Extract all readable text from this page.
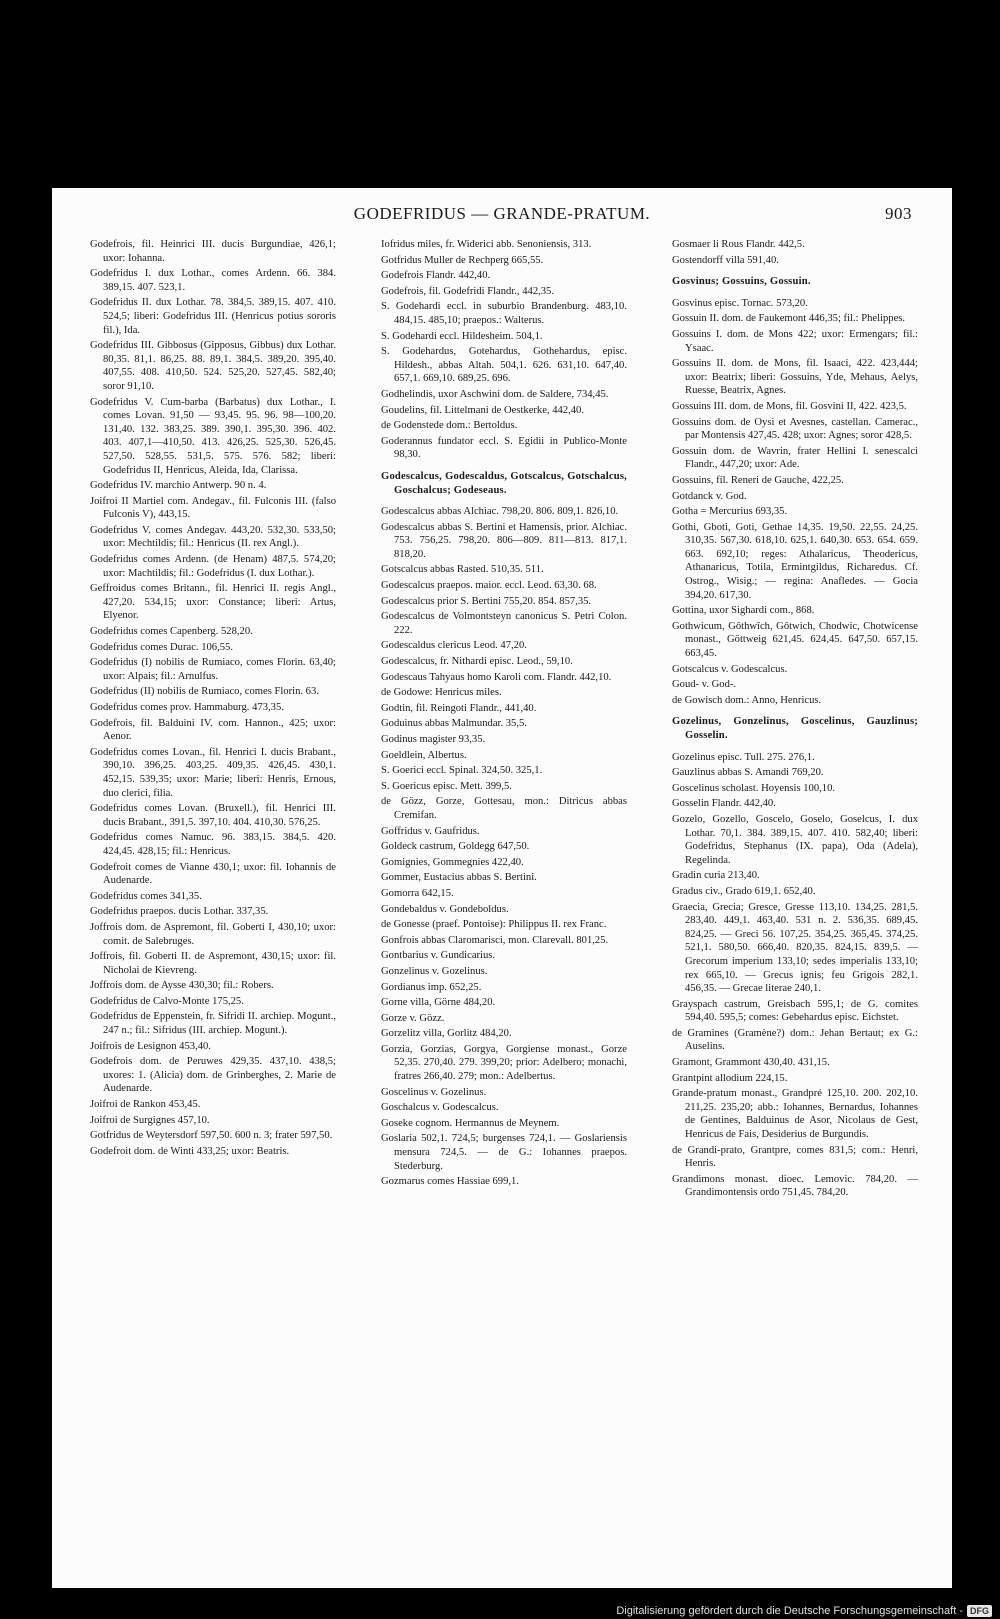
GODEFRIDUS — GRANDE-PRATUM.	903

Godefrois, fil. Heinrici III. ducis Burgundiae, 426,1; uxor: Iohanna.

Godefridus I. dux Lothar., comes Ardenn. 66. 384. 389,15. 407. 523,1.

Godefridus II. dux Lothar. 78. 384,5. 389,15. 407. 410. 524,5; liberi: Godefridus III. (Henricus potius sororis fil.), Ida.

Godefridus III. Gibbosus (Gipposus, Gibbus) dux Lothar. 80,35. 81,1. 86,25. 88. 89,1. 384,5. 389,20. 395,40. 407,55. 408. 410,50. 524. 525,20. 527,45. 582,40; soror 91,10.

Godefridus V. Cum-barba (Barbatus) dux Lothar., I. comes Lovan. 91,50 — 93,45. 95. 96. 98—100,20. 131,40. 132. 383,25. 389. 390,1. 395,30. 396. 402. 403. 407,1—410,50. 413. 426,25. 525,30. 526,45. 527,50. 528,55. 531,5. 575. 576. 582; liberi: Godefridus II, Henricus, Aleida, Ida, Clarissa.

Godefridus IV. marchio Antwerp. 90 n. 4.

Joifroi II Martiel com. Andegav., fil. Fulconis III. (falso Fulconis V), 443,15.

Godefridus V. comes Andegav. 443,20. 532,30. 533,50; uxor: Mechtildis; fil.: Henricus (II. rex Angl.).

Godefridus comes Ardenn. (de Henam) 487,5. 574,20; uxor: Machtildis; fil.: Godefridus (I. dux Lothar.).

Geffroidus comes Britann., fil. Henrici II. regis Angl., 427,20. 534,15; uxor: Constance; liberi: Artus, Elyenor.

Godefridus comes Capenberg. 528,20.

Godefridus comes Durac. 106,55.

Godefridus (I) nobilis de Rumiaco, comes Florin. 63,40; uxor: Alpais; fil.: Arnulfus.

Godefridus (II) nobilis de Rumiaco, comes Florin. 63.

Godefridus comes prov. Hammaburg. 473,35.

Godefrois, fil. Balduini IV. com. Hannon., 425; uxor: Aenor.

Godefridus comes Lovan., fil. Henrici I. ducis Brabant., 390,10. 396,25. 403,25. 409,35. 426,45. 430,1. 452,15. 539,35; uxor: Marie; liberi: Henris, Ernous, duo clerici, filia.

Godefridus comes Lovan. (Bruxell.), fil. Henrici III. ducis Brabant., 391,5. 397,10. 404. 410,30. 576,25.

Godefridus comes Namuc. 96. 383,15. 384,5. 420. 424,45. 428,15; fil.: Henricus.

Godefroit comes de Vianne 430,1; uxor: fil. Iohannis de Audenarde.

Godefridus comes 341,35.

Godefridus praepos. ducis Lothar. 337,35.

Joffrois dom. de Aspremont, fil. Goberti I, 430,10; uxor: comit. de Salebruges.

Joffrois, fil. Goberti II. de Aspremont, 430,15; uxor: fil. Nicholai de Kievreng.

Joffrois dom. de Aysse 430,30; fil.: Robers.

Godefridus de Calvo-Monte 175,25.

Godefridus de Eppenstein, fr. Sifridi II. archiep. Mogunt., 247 n.; fil.: Sifridus (III. archiep. Mogunt.).

Joifrois de Lesignon 453,40.

Godefrois dom. de Peruwes 429,35. 437,10. 438,5; uxores: 1. (Alicia) dom. de Grinberghes, 2. Marie de Audenarde.

Joifroi de Rankon 453,45.

Joifroi de Surgignes 457,10.

Gotfridus de Weytersdorf 597,50. 600 n. 3; frater 597,50.

Godefroit dom. de Winti 433,25; uxor: Beatris.

Iofridus miles, fr. Widerici abb. Senoniensis, 313.

Gotfridus Muller de Rechperg 665,55.

Godefrois Flandr. 442,40.

Godefrois, fil. Godefridi Flandr., 442,35.

S. Godehardi eccl. in suburbio Brandenburg. 483,10. 484,15. 485,10; praepos.: Walterus.

S. Godehardi eccl. Hildesheim. 504,1.

S. Godehardus, Gotehardus, Gothehardus, episc. Hildesh., abbas Altah. 504,1. 626. 631,10. 647,40. 657,1. 669,10. 689,25. 696.

Godhelindis, uxor Aschwini dom. de Saldere, 734,45.

Goudelins, fil. Littelmani de Oestkerke, 442,40.

de Godenstede dom.: Bertoldus.

Goderannus fundator eccl. S. Egidii in Publico-Monte 98,30.

Godescalcus, Godescaldus, Gotscalcus, Gotschalcus, Goschalcus; Godeseaus.

Godescalcus abbas Alchiac. 798,20. 806. 809,1. 826,10.

Godescalcus abbas S. Bertini et Hamensis, prior. Alchiac. 753. 756,25. 798,20. 806—809. 811—813. 817,1. 818,20.

Gotscalcus abbas Rasted. 510,35. 511.

Godescalcus praepos. maior. eccl. Leod. 63,30. 68.

Godescalcus prior S. Bertini 755,20. 854. 857,35.

Godescalcus de Volmontsteyn canonicus S. Petri Colon. 222.

Godescaldus clericus Leod. 47,20.

Godescalcus, fr. Nithardi episc. Leod., 59,10.

Godescaus Tahyaus homo Karoli com. Flandr. 442,10.

de Godowe: Henricus miles.

Godtin, fil. Reingoti Flandr., 441,40.

Goduinus abbas Malmundar. 35,5.

Godinus magister 93,35.

Goeldlein, Albertus.

S. Goerici eccl. Spinal. 324,50. 325,1.

S. Goericus episc. Mett. 399,5.

de Gözz, Gorze, Gottesau, mon.: Ditricus abbas Cremifan.

Goffridus v. Gaufridus.

Goldeck castrum, Goldegg 647,50.

Gomignies, Gommegnies 422,40.

Gommer, Eustacius abbas S. Bertini.

Gomorra 642,15.

Gondebaldus v. Gondeboldus.

de Gonesse (praef. Pontoise): Philippus II. rex Franc.

Gonfrois abbas Claromarisci, mon. Clarevall. 801,25.

Gontbarius v. Gundicarius.

Gonzelinus v. Gozelinus.

Gordianus imp. 652,25.

Gorne villa, Görne 484,20.

Gorze v. Gözz.

Gorzelitz villa, Gorlitz 484,20.

Gorzia, Gorzias, Gorgya, Gorgiense monast., Gorze 52,35. 270,40. 279. 399,20; prior: Adelbero; monachi, fratres 266,40. 279; mon.: Adelbertus.

Goscelinus v. Gozelinus.

Goschalcus v. Godescalcus.

Goseke cognom. Hermannus de Meynem.

Goslaria 502,1. 724,5; burgenses 724,1. — Goslariensis mensura 724,5. — de G.: Iohannes praepos. Stederburg.

Gozmarus comes Hassiae 699,1.

Gosmaer li Rous Flandr. 442,5.

Gostendorff villa 591,40.

Gosvinus; Gossuins, Gossuin.

Gosvinus episc. Tornac. 573,20.

Gossuin II. dom. de Faukemont 446,35; fil.: Phelippes.

Gossuins I. dom. de Mons 422; uxor: Ermengars; fil.: Ysaac.

Gossuins II. dom. de Mons, fil. Isaaci, 422. 423,444; uxor: Beatrix; liberi: Gossuins, Yde, Mehaus, Aelys, Ruesse, Beatrix, Agnes.

Gossuins III. dom. de Mons, fil. Gosvini II, 422. 423,5.

Gossuins dom. de Oysi et Avesnes, castellan. Camerac., par Montensis 427,45. 428; uxor: Agnes; soror 428,5.

Gossuin dom. de Wavrin, frater Hellini I. senescalci Flandr., 447,20; uxor: Ade.

Gossuins, fil. Reneri de Gauche, 422,25.

Gotdanck v. God.

Gotha = Mercurius 693,35.

Gothi, Gboti, Goti, Gethae 14,35. 19,50. 22,55. 24,25. 310,35. 567,30. 618,10. 625,1. 640,30. 653. 654. 659. 663. 692,10; reges: Athalaricus, Theodericus, Athanaricus, Totila, Ermintgildus, Richaredus. Cf. Ostrog., Wisig.; — regina: Anafledes. — Gocia 394,20. 617,30.

Gottina, uxor Sighardi com., 868.

Gothwicum, Gôthwîch, Gôtwich, Chodwic, Chotwicense monast., Göttweig 621,45. 624,45. 647,50. 657,15. 663,45.

Gotscalcus v. Godescalcus.

Goud- v. God-.

de Gowisch dom.: Anno, Henricus.

Gozelinus, Gonzelinus, Goscelinus, Gauzlinus; Gosselin.

Gozelinus episc. Tull. 275. 276,1.

Gauzlinus abbas S. Amandi 769,20.

Goscelinus scholast. Hoyensis 100,10.

Gosselin Flandr. 442,40.

Gozelo, Gozello, Goscelo, Goselo, Goselcus, I. dux Lothar. 70,1. 384. 389,15. 407. 410. 582,40; liberi: Godefridus, Stephanus (IX. papa), Oda (Adela), Regelinda.

Gradin curia 213,40.

Gradus civ., Grado 619,1. 652,40.

Graecia, Grecia; Gresce, Gresse 113,10. 134,25. 281,5. 283,40. 449,1. 463,40. 531 n. 2. 536,35. 689,45. 824,25. — Greci 56. 107,25. 354,25. 365,45. 374,25. 521,1. 580,50. 666,40. 820,35. 824,15. 839,5. — Grecorum imperium 133,10; sedes imperialis 133,10; rex 665,10. — Grecus ignis; feu Grigois 282,1. 456,35. — Grecae literae 240,1.

Grayspach castrum, Greisbach 595,1; de G. comites 594,40. 595,5; comes: Gebehardus episc. Eichstet.

de Gramines (Gramène?) dom.: Jehan Bertaut; ex G.: Auselins.

Gramont, Grammont 430,40. 431,15.

Grantpint allodium 224,15.

Grande-pratum monast., Grandpré 125,10. 200. 202,10. 211,25. 235,20; abb.: Iohannes, Bernardus, Iohannes de Gentines, Balduinus de Asor, Nicolaus de Gest, Henricus de Fais, Desiderius de Burgundis.

de Grandi-prato, Grantpre, comes 831,5; com.: Henri, Henris.

Grandimons monast. dioec. Lemovic. 784,20. — Grandimontensis ordo 751,45. 784,20.

Digitalisierung gefördert durch die Deutsche Forschungsgemeinschaft - DFG
